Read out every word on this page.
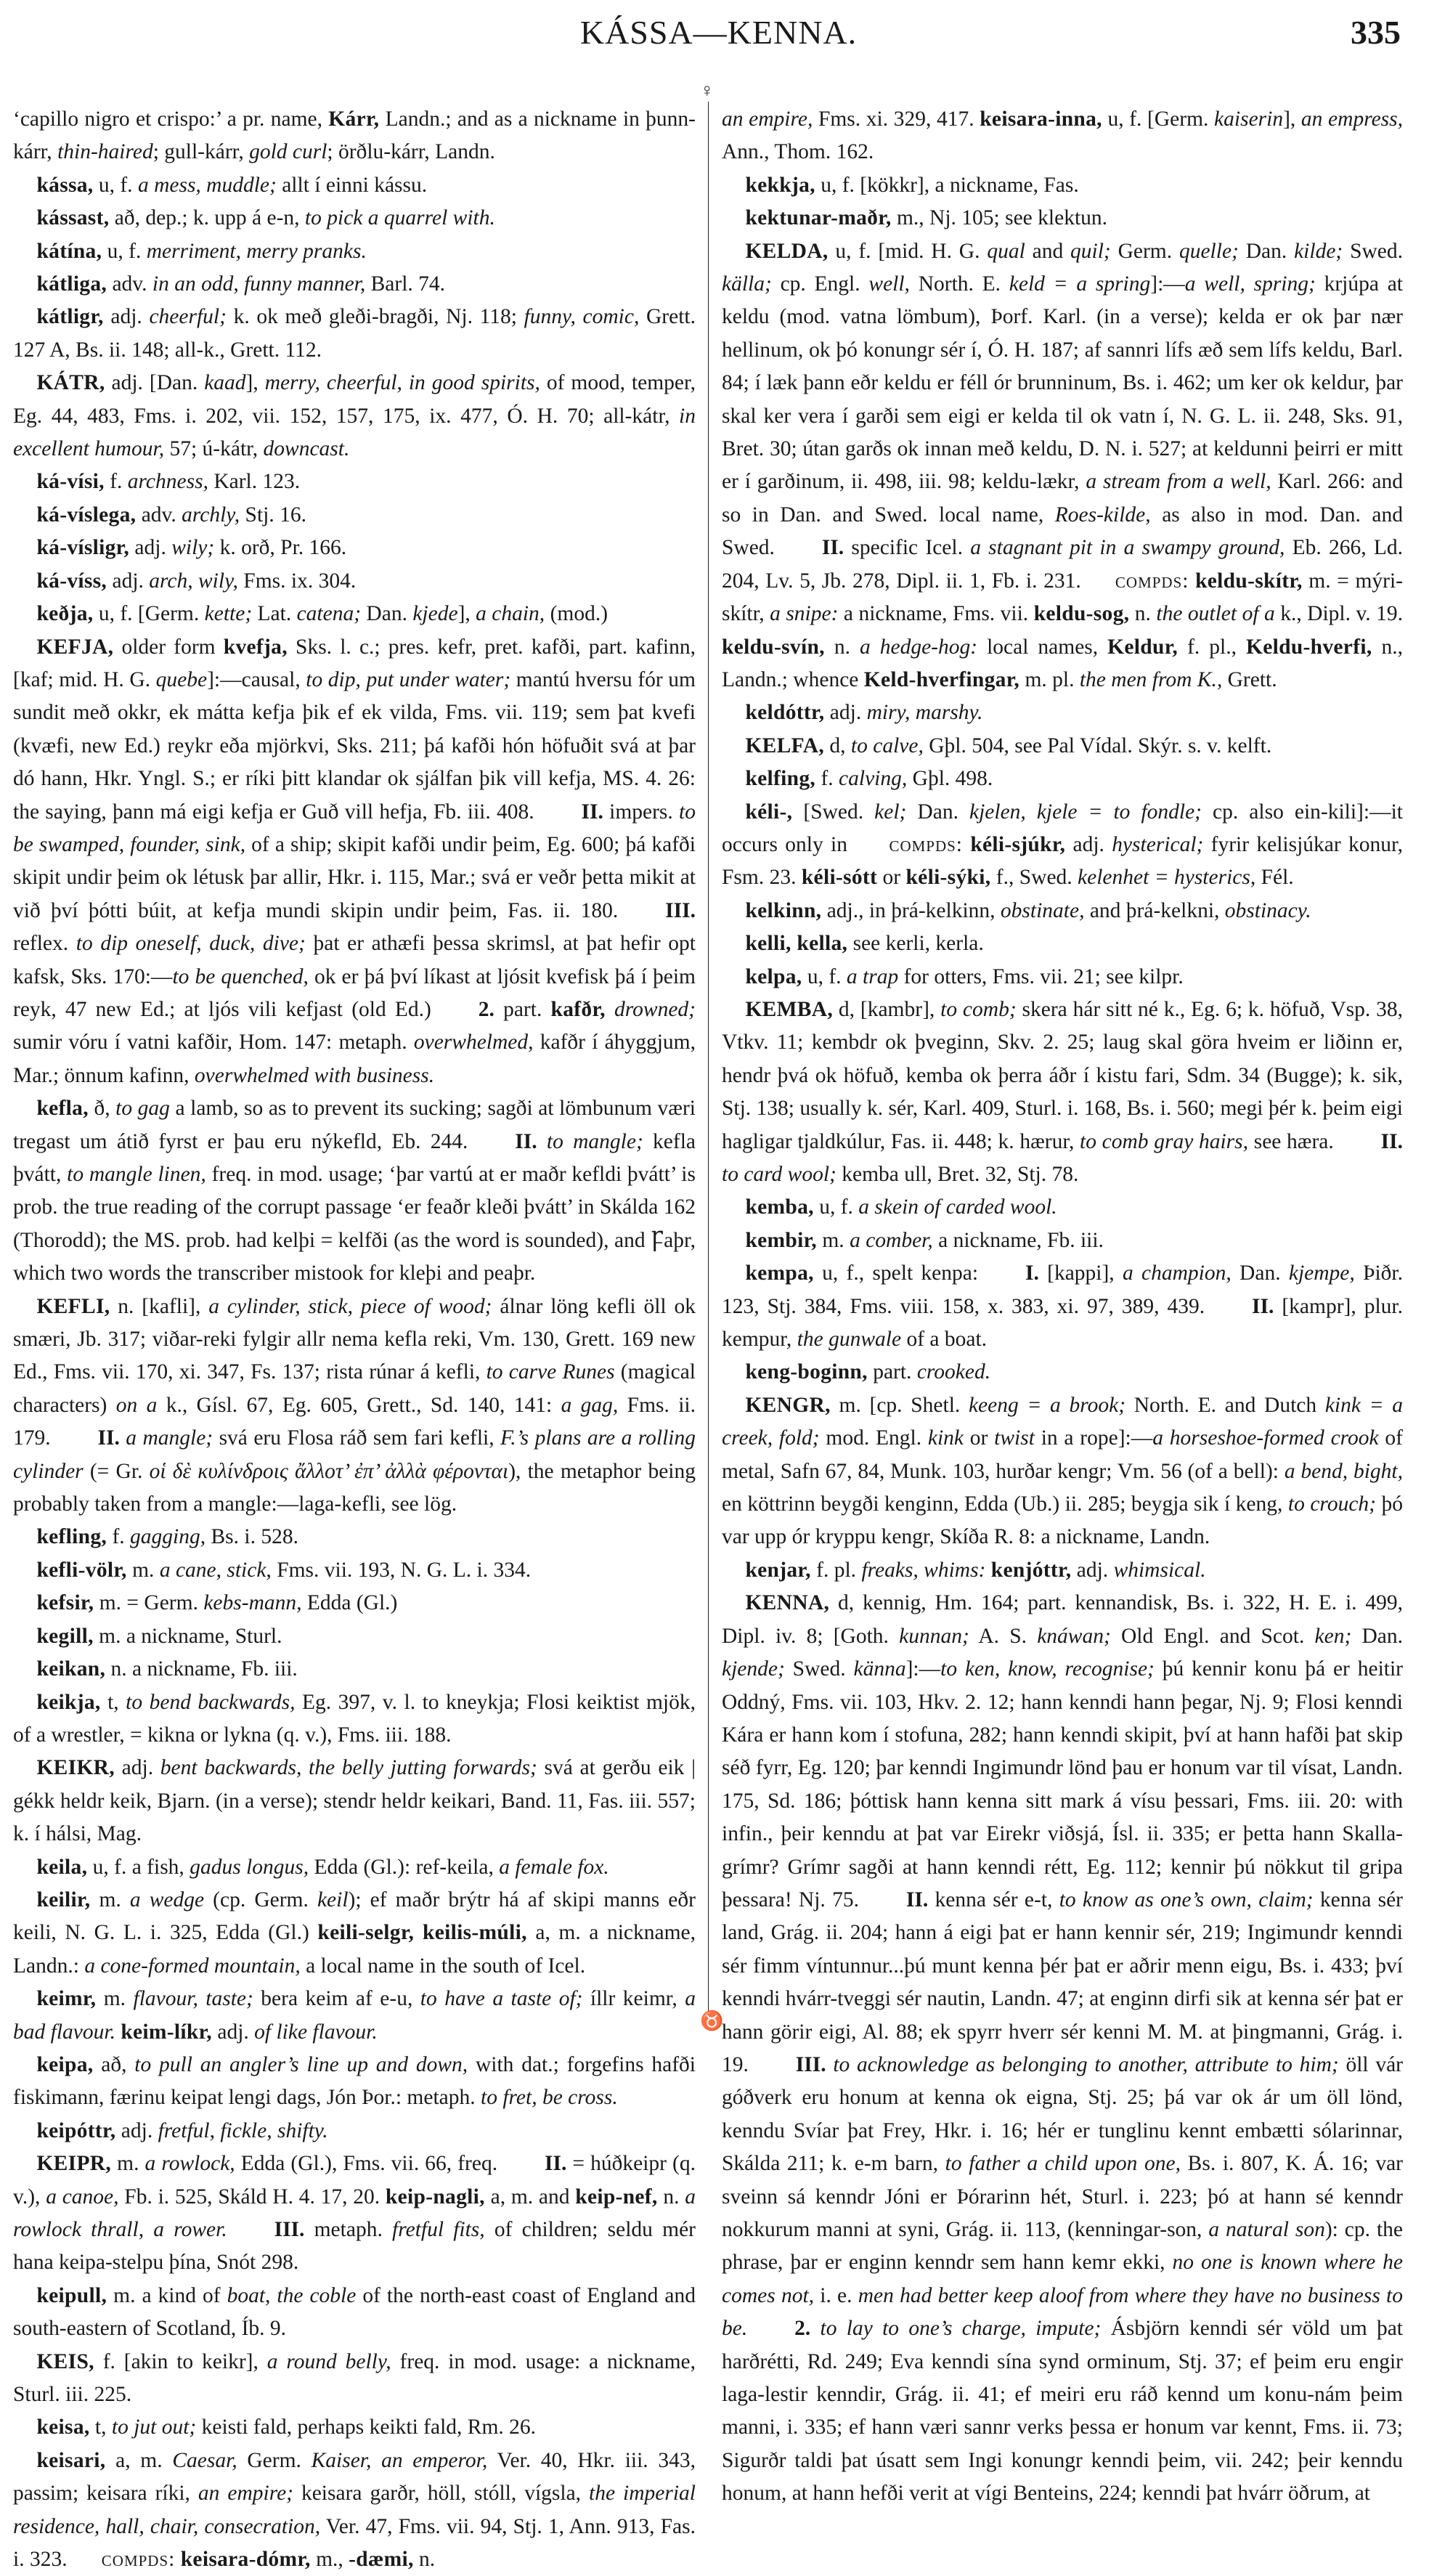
KÁSSA—KENNA.	335

‘capillo nigro et crispo:’ a pr. name, Kárr, Landn.; and as a nickname in þunn-kárr, thin-haired; gull-kárr, gold curl; örðlu-kárr, Landn.

kássa, u, f. a mess, muddle; allt í einni kássu.

kássast, að, dep.; k. upp á e-n, to pick a quarrel with.

kátína, u, f. merriment, merry pranks.

kátliga, adv. in an odd, funny manner, Barl. 74.

kátligr, adj. cheerful; k. ok með gleði-bragði, Nj. 118; funny, comic, Grett. 127 A, Bs. ii. 148; all-k., Grett. 112.

KÁTR, adj. [Dan. kaad], merry, cheerful, in good spirits, of mood, temper, Eg. 44, 483, Fms. i. 202, vii. 152, 157, 175, ix. 477, Ó. H. 70; all-kátr, in excellent humour, 57; ú-kátr, downcast.

ká-vísi, f. archness, Karl. 123.

ká-víslega, adv. archly, Stj. 16.

ká-vísligr, adj. wily; k. orð, Pr. 166.

ká-víss, adj. arch, wily, Fms. ix. 304.

keðja, u, f. [Germ. kette; Lat. catena; Dan. kjede], a chain, (mod.)

KEFJA, older form kvefja, Sks. l. c.; pres. kefr, pret. kafði, part. kafinn, [kaf; mid. H. G. quebe]:—causal, to dip, put under water; mantú hversu fór um sundit með okkr, ek mátta kefja þik ef ek vilda, Fms. vii. 119; sem þat kvefi (kvæfi, new Ed.) reykr eða mjörkvi, Sks. 211; þá kafði hón höfuðit svá at þar dó hann, Hkr. Yngl. S.; er ríki þitt klandar ok sjálfan þik vill kefja, MS. 4. 26: the saying, þann má eigi kefja er Guð vill hefja, Fb. iii. 408. II. impers. to be swamped, founder, sink, of a ship; skipit kafði undir þeim, Eg. 600; þá kafði skipit undir þeim ok létusk þar allir, Hkr. i. 115, Mar.; svá er veðr þetta mikit at við því þótti búit, at kefja mundi skipin undir þeim, Fas. ii. 180. III. reflex. to dip oneself, duck, dive; þat er athæfi þessa skrimsl, at þat hefir opt kafsk, Sks. 170:—to be quenched, ok er þá því líkast at ljósit kvefisk þá í þeim reyk, 47 new Ed.; at ljós vili kefjast (old Ed.) 2. part. kafðr, drowned; sumir vóru í vatni kafðir, Hom. 147: metaph. overwhelmed, kafðr í áhyggjum, Mar.; önnum kafinn, overwhelmed with business.

kefla, ð, to gag a lamb, so as to prevent its sucking; sagði at lömbunum væri tregast um átið fyrst er þau eru nýkefld, Eb. 244. II. to mangle; kefla þvátt, to mangle linen, freq. in mod. usage; ‘þar vartú at er maðr kefldi þvátt’ is prob. the true reading of the corrupt passage ‘er feaðr kleði þvátt’ in Skálda 162 (Thorodd); the MS. prob. had kelþi = kelfði (as the word is sounded), and Ꝼaþr, which two words the transcriber mistook for kleþi and peaþr.

KEFLI, n. [kafli], a cylinder, stick, piece of wood; álnar löng kefli öll ok smæri, Jb. 317; viðar-reki fylgir allr nema kefla reki, Vm. 130, Grett. 169 new Ed., Fms. vii. 170, xi. 347, Fs. 137; rista rúnar á kefli, to carve Runes (magical characters) on a k., Gísl. 67, Eg. 605, Grett., Sd. 140, 141: a gag, Fms. ii. 179. II. a mangle; svá eru Flosa ráð sem fari kefli, F.’s plans are a rolling cylinder (= Gr. οἱ δὲ κυλίνδροις ἄλλοτ’ ἐπ’ ἀλλὰ φέρονται), the metaphor being probably taken from a mangle:—laga-kefli, see lög.

kefling, f. gagging, Bs. i. 528.

kefli-völr, m. a cane, stick, Fms. vii. 193, N. G. L. i. 334.

kefsir, m. = Germ. kebs-mann, Edda (Gl.)

kegill, m. a nickname, Sturl.

keikan, n. a nickname, Fb. iii.

keikja, t, to bend backwards, Eg. 397, v. l. to kneykja; Flosi keiktist mjök, of a wrestler, = kikna or lykna (q. v.), Fms. iii. 188.

KEIKR, adj. bent backwards, the belly jutting forwards; svá at gerðu eik | gékk heldr keik, Bjarn. (in a verse); stendr heldr keikari, Band. 11, Fas. iii. 557; k. í hálsi, Mag.

keila, u, f. a fish, gadus longus, Edda (Gl.): ref-keila, a female fox.

keilir, m. a wedge (cp. Germ. keil); ef maðr brýtr há af skipi manns eðr keili, N. G. L. i. 325, Edda (Gl.) keili-selgr, keilis-múli, a, m. a nickname, Landn.: a cone-formed mountain, a local name in the south of Icel.

keimr, m. flavour, taste; bera keim af e-u, to have a taste of; íllr keimr, a bad flavour. keim-líkr, adj. of like flavour.

keipa, að, to pull an angler’s line up and down, with dat.; forgefins hafði fiskimann, færinu keipat lengi dags, Jón Þor.: metaph. to fret, be cross.

keipóttr, adj. fretful, fickle, shifty.

KEIPR, m. a rowlock, Edda (Gl.), Fms. vii. 66, freq. II. = húðkeipr (q. v.), a canoe, Fb. i. 525, Skáld H. 4. 17, 20. keip-nagli, a, m. and keip-nef, n. a rowlock thrall, a rower. III. metaph. fretful fits, of children; seldu mér hana keipa-stelpu þína, Snót 298.

keipull, m. a kind of boat, the coble of the north-east coast of England and south-eastern of Scotland, Íb. 9.

KEIS, f. [akin to keikr], a round belly, freq. in mod. usage: a nickname, Sturl. iii. 225.

keisa, t, to jut out; keisti fald, perhaps keikti fald, Rm. 26.

keisari, a, m. Caesar, Germ. Kaiser, an emperor, Ver. 40, Hkr. iii. 343, passim; keisara ríki, an empire; keisara garðr, höll, stóll, vígsla, the imperial residence, hall, chair, consecration, Ver. 47, Fms. vii. 94, Stj. 1, Ann. 913, Fas. i. 323. compds: keisara-dómr, m., -dæmi, n.

♀
♉

an empire, Fms. xi. 329, 417. keisara-inna, u, f. [Germ. kaiserin], an empress, Ann., Thom. 162.

kekkja, u, f. [kökkr], a nickname, Fas.

kektunar-maðr, m., Nj. 105; see klektun.

KELDA, u, f. [mid. H. G. qual and quil; Germ. quelle; Dan. kilde; Swed. källa; cp. Engl. well, North. E. keld = a spring]:—a well, spring; krjúpa at keldu (mod. vatna lömbum), Þorf. Karl. (in a verse); kelda er ok þar nær hellinum, ok þó konungr sér í, Ó. H. 187; af sannri lífs æð sem lífs keldu, Barl. 84; í læk þann eðr keldu er féll ór brunninum, Bs. i. 462; um ker ok keldur, þar skal ker vera í garði sem eigi er kelda til ok vatn í, N. G. L. ii. 248, Sks. 91, Bret. 30; útan garðs ok innan með keldu, D. N. i. 527; at keldunni þeirri er mitt er í garðinum, ii. 498, iii. 98; keldu-lækr, a stream from a well, Karl. 266: and so in Dan. and Swed. local name, Roes-kilde, as also in mod. Dan. and Swed. II. specific Icel. a stagnant pit in a swampy ground, Eb. 266, Ld. 204, Lv. 5, Jb. 278, Dipl. ii. 1, Fb. i. 231. compds: keldu-skítr, m. = mýri-skítr, a snipe: a nickname, Fms. vii. keldu-sog, n. the outlet of a k., Dipl. v. 19. keldu-svín, n. a hedge-hog: local names, Keldur, f. pl., Keldu-hverfi, n., Landn.; whence Keld-hverfingar, m. pl. the men from K., Grett.

keldóttr, adj. miry, marshy.

KELFA, d, to calve, Gþl. 504, see Pal Vídal. Skýr. s. v. kelft.

kelfing, f. calving, Gþl. 498.

kéli-, [Swed. kel; Dan. kjelen, kjele = to fondle; cp. also ein-kili]:—it occurs only in compds: kéli-sjúkr, adj. hysterical; fyrir kelisjúkar konur, Fsm. 23. kéli-sótt or kéli-sýki, f., Swed. kelenhet = hysterics, Fél.

kelkinn, adj., in þrá-kelkinn, obstinate, and þrá-kelkni, obstinacy.

kelli, kella, see kerli, kerla.

kelpa, u, f. a trap for otters, Fms. vii. 21; see kilpr.

KEMBA, d, [kambr], to comb; skera hár sitt né k., Eg. 6; k. höfuð, Vsp. 38, Vtkv. 11; kembdr ok þveginn, Skv. 2. 25; laug skal göra hveim er liðinn er, hendr þvá ok höfuð, kemba ok þerra áðr í kistu fari, Sdm. 34 (Bugge); k. sik, Stj. 138; usually k. sér, Karl. 409, Sturl. i. 168, Bs. i. 560; megi þér k. þeim eigi hagligar tjaldkúlur, Fas. ii. 448; k. hærur, to comb gray hairs, see hæra. II. to card wool; kemba ull, Bret. 32, Stj. 78.

kemba, u, f. a skein of carded wool.

kembir, m. a comber, a nickname, Fb. iii.

kempa, u, f., spelt kenpa: I. [kappi], a champion, Dan. kjempe, Þiðr. 123, Stj. 384, Fms. viii. 158, x. 383, xi. 97, 389, 439. II. [kampr], plur. kempur, the gunwale of a boat.

keng-boginn, part. crooked.

KENGR, m. [cp. Shetl. keeng = a brook; North. E. and Dutch kink = a creek, fold; mod. Engl. kink or twist in a rope]:—a horseshoe-formed crook of metal, Safn 67, 84, Munk. 103, hurðar kengr; Vm. 56 (of a bell): a bend, bight, en köttrinn beygði kenginn, Edda (Ub.) ii. 285; beygja sik í keng, to crouch; þó var upp ór kryppu kengr, Skíða R. 8: a nickname, Landn.

kenjar, f. pl. freaks, whims: kenjóttr, adj. whimsical.

KENNA, d, kennig, Hm. 164; part. kennandisk, Bs. i. 322, H. E. i. 499, Dipl. iv. 8; [Goth. kunnan; A. S. knáwan; Old Engl. and Scot. ken; Dan. kjende; Swed. känna]:—to ken, know, recognise; þú kennir konu þá er heitir Oddný, Fms. vii. 103, Hkv. 2. 12; hann kenndi hann þegar, Nj. 9; Flosi kenndi Kára er hann kom í stofuna, 282; hann kenndi skipit, því at hann hafði þat skip séð fyrr, Eg. 120; þar kenndi Ingimundr lönd þau er honum var til vísat, Landn. 175, Sd. 186; þóttisk hann kenna sitt mark á vísu þessari, Fms. iii. 20: with infin., þeir kenndu at þat var Eirekr viðsjá, Ísl. ii. 335; er þetta hann Skalla-grímr? Grímr sagði at hann kenndi rétt, Eg. 112; kennir þú nökkut til gripa þessara! Nj. 75. II. kenna sér e-t, to know as one’s own, claim; kenna sér land, Grág. ii. 204; hann á eigi þat er hann kennir sér, 219; Ingimundr kenndi sér fimm víntunnur...þú munt kenna þér þat er aðrir menn eigu, Bs. i. 433; því kenndi hvárr-tveggi sér nautin, Landn. 47; at enginn dirfi sik at kenna sér þat er hann görir eigi, Al. 88; ek spyrr hverr sér kenni M. M. at þingmanni, Grág. i. 19. III. to acknowledge as belonging to another, attribute to him; öll vár góðverk eru honum at kenna ok eigna, Stj. 25; þá var ok ár um öll lönd, kenndu Svíar þat Frey, Hkr. i. 16; hér er tunglinu kennt embætti sólarinnar, Skálda 211; k. e-m barn, to father a child upon one, Bs. i. 807, K. Á. 16; var sveinn sá kenndr Jóni er Þórarinn hét, Sturl. i. 223; þó at hann sé kenndr nokkurum manni at syni, Grág. ii. 113, (kenningar-son, a natural son): cp. the phrase, þar er enginn kenndr sem hann kemr ekki, no one is known where he comes not, i. e. men had better keep aloof from where they have no business to be. 2. to lay to one’s charge, impute; Ásbjörn kenndi sér völd um þat harðrétti, Rd. 249; Eva kenndi sína synd orminum, Stj. 37; ef þeim eru engir laga-lestir kenndir, Grág. ii. 41; ef meiri eru ráð kennd um konu-nám þeim manni, i. 335; ef hann væri sannr verks þessa er honum var kennt, Fms. ii. 73; Sigurðr taldi þat úsatt sem Ingi konungr kenndi þeim, vii. 242; þeir kenndu honum, at hann hefði verit at vígi Benteins, 224; kenndi þat hvárr öðrum, at
